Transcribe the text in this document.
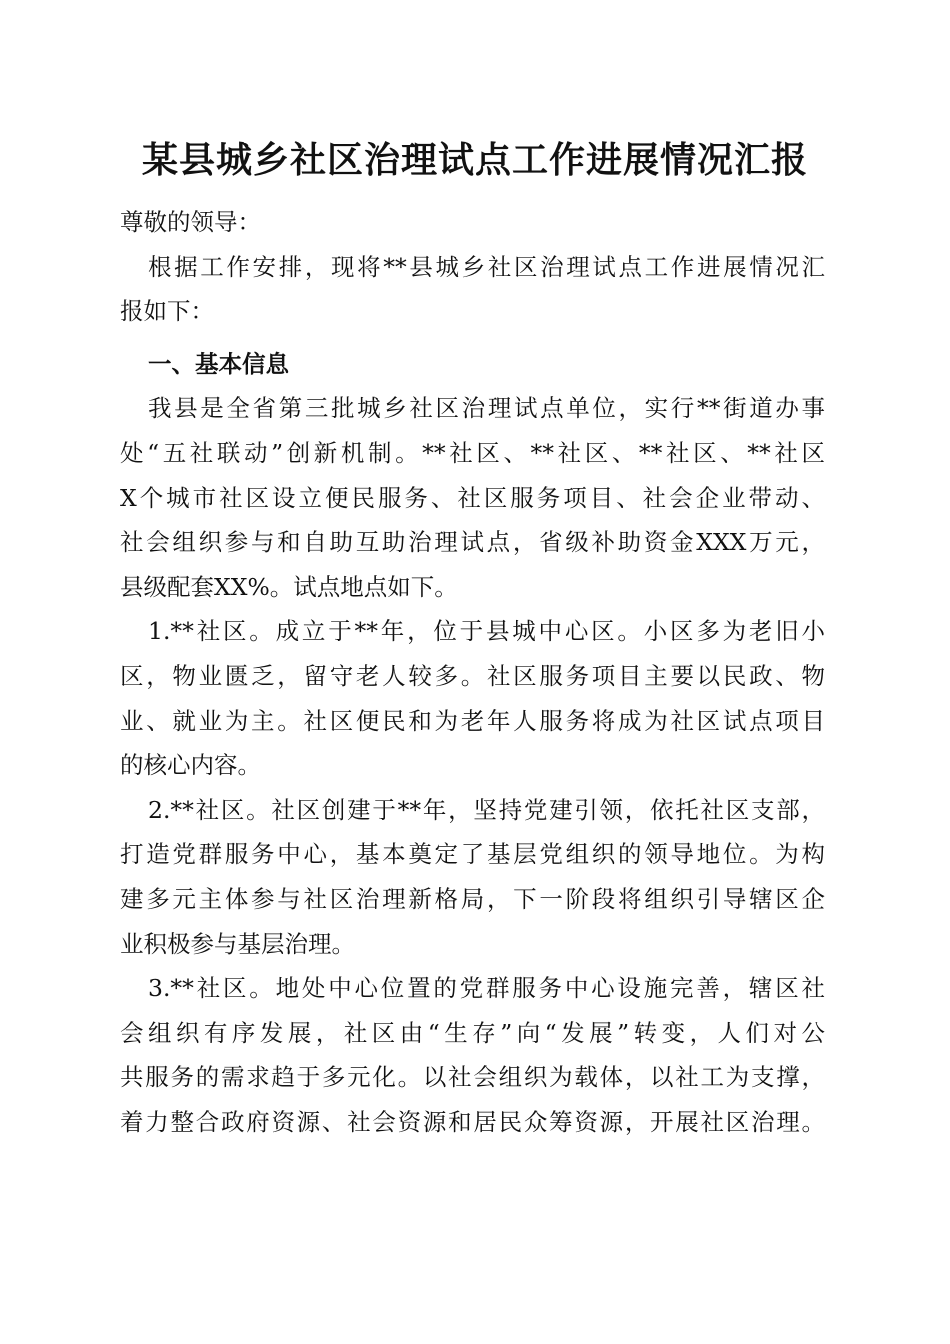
某县城乡社区治理试点工作进展情况汇报
尊敬的领导：
根据工作安排，现将**县城乡社区治理试点工作进展情况汇
报如下：
一、基本信息
我县是全省第三批城乡社区治理试点单位，实行**街道办事
处“五社联动”创新机制。**社区、**社区、**社区、**社区
X个城市社区设立便民服务、社区服务项目、社会企业带动、
社会组织参与和自助互助治理试点，省级补助资金XXX万元，
县级配套XX%。试点地点如下。
1.**社区。成立于**年，位于县城中心区。小区多为老旧小
区，物业匮乏，留守老人较多。社区服务项目主要以民政、物
业、就业为主。社区便民和为老年人服务将成为社区试点项目
的核心内容。
2.**社区。社区创建于**年，坚持党建引领，依托社区支部，
打造党群服务中心，基本奠定了基层党组织的领导地位。为构
建多元主体参与社区治理新格局，下一阶段将组织引导辖区企
业积极参与基层治理。
3.**社区。地处中心位置的党群服务中心设施完善，辖区社
会组织有序发展，社区由“生存”向“发展”转变，人们对公
共服务的需求趋于多元化。以社会组织为载体，以社工为支撑，
着力整合政府资源、社会资源和居民众筹资源，开展社区治理。
